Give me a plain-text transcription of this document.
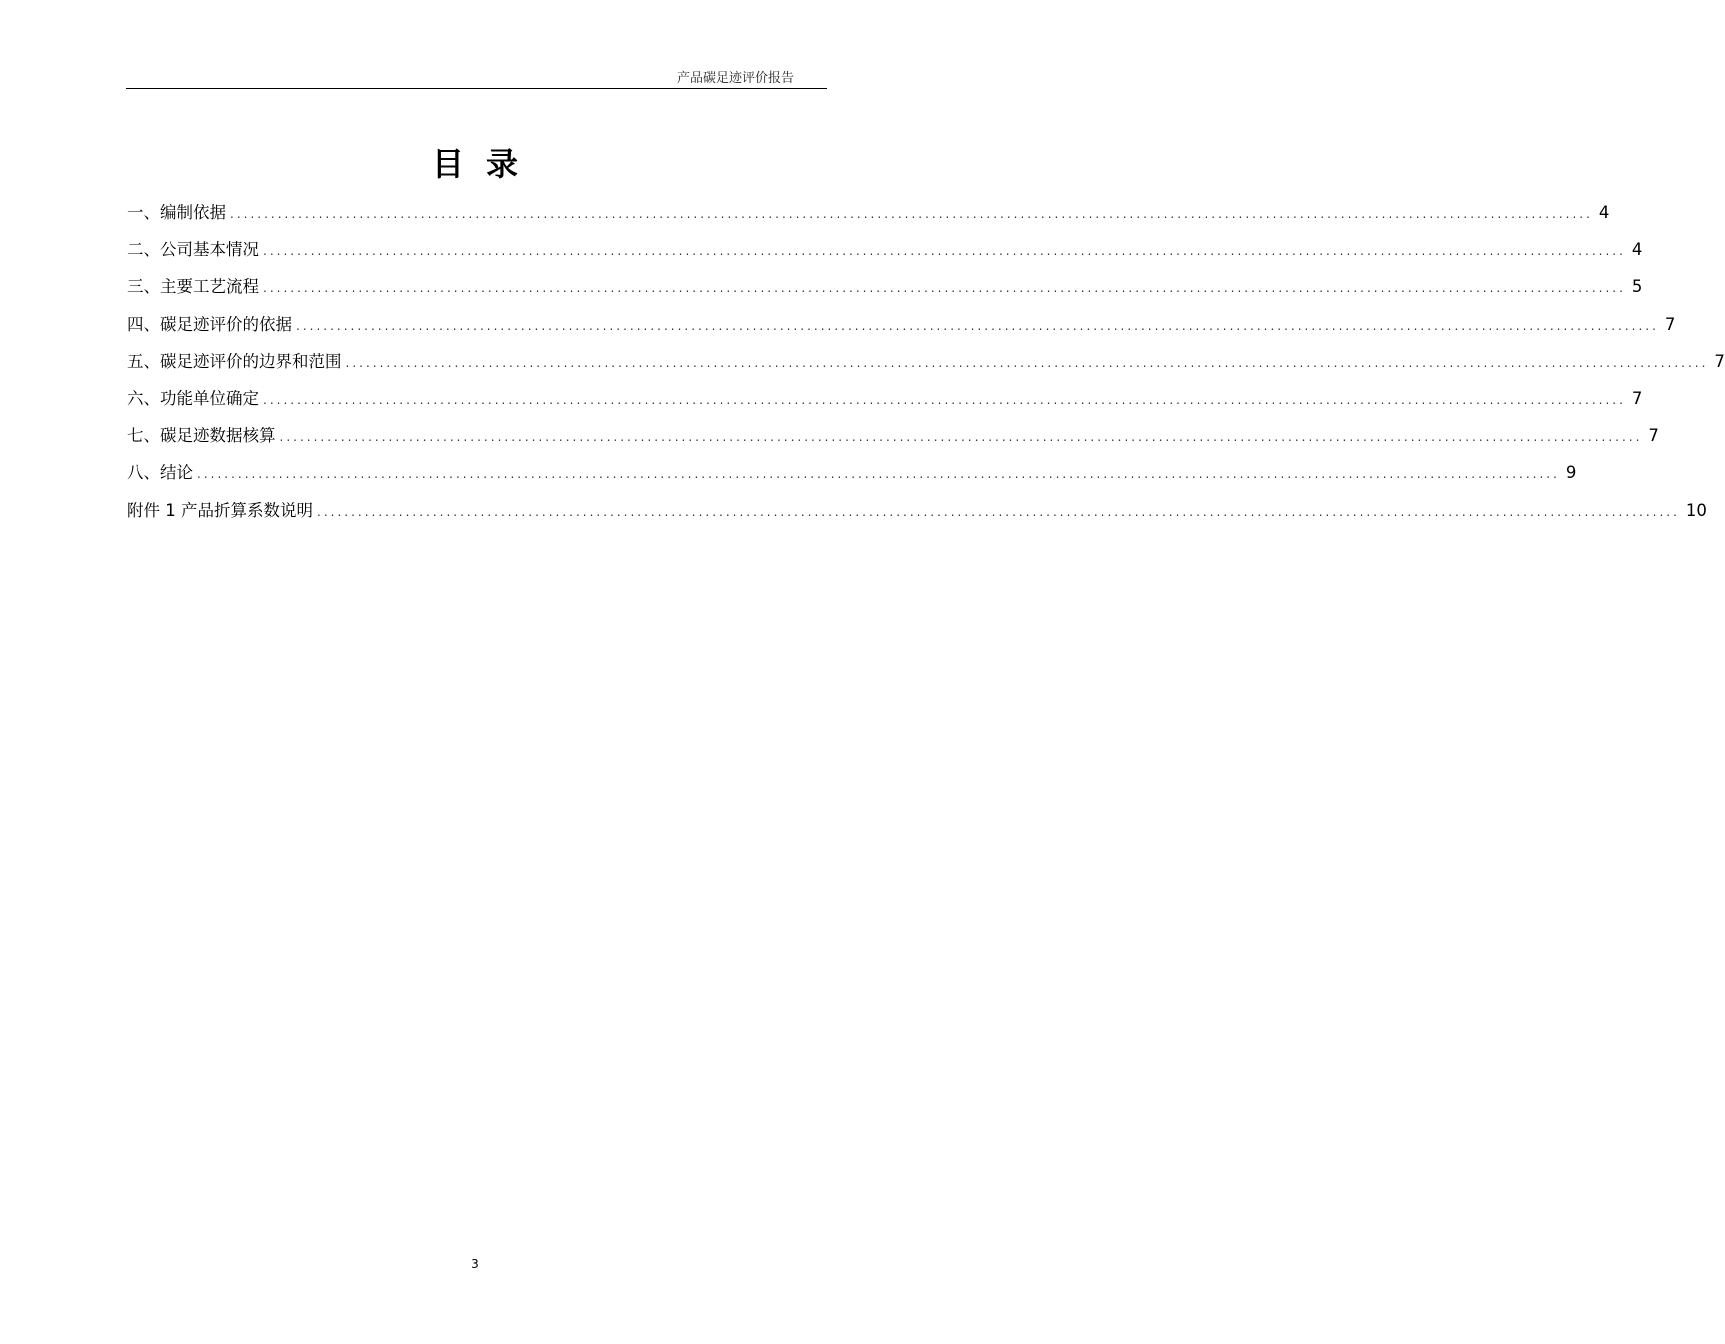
产品碳足迹评价报告
目录
一、编制依据 ........................................................................................................................................................................................................ 4
二、公司基本情况 ........................................................................................................................................................................................................ 4
三、主要工艺流程 ........................................................................................................................................................................................................ 5
四、碳足迹评价的依据 ........................................................................................................................................................................................................ 7
五、碳足迹评价的边界和范围 ........................................................................................................................................................................................................ 7
六、功能单位确定 ........................................................................................................................................................................................................ 7
七、碳足迹数据核算 ........................................................................................................................................................................................................ 7
八、结论 ........................................................................................................................................................................................................ 9
附件 1 产品折算系数说明 ........................................................................................................................................................................................................ 10
3
